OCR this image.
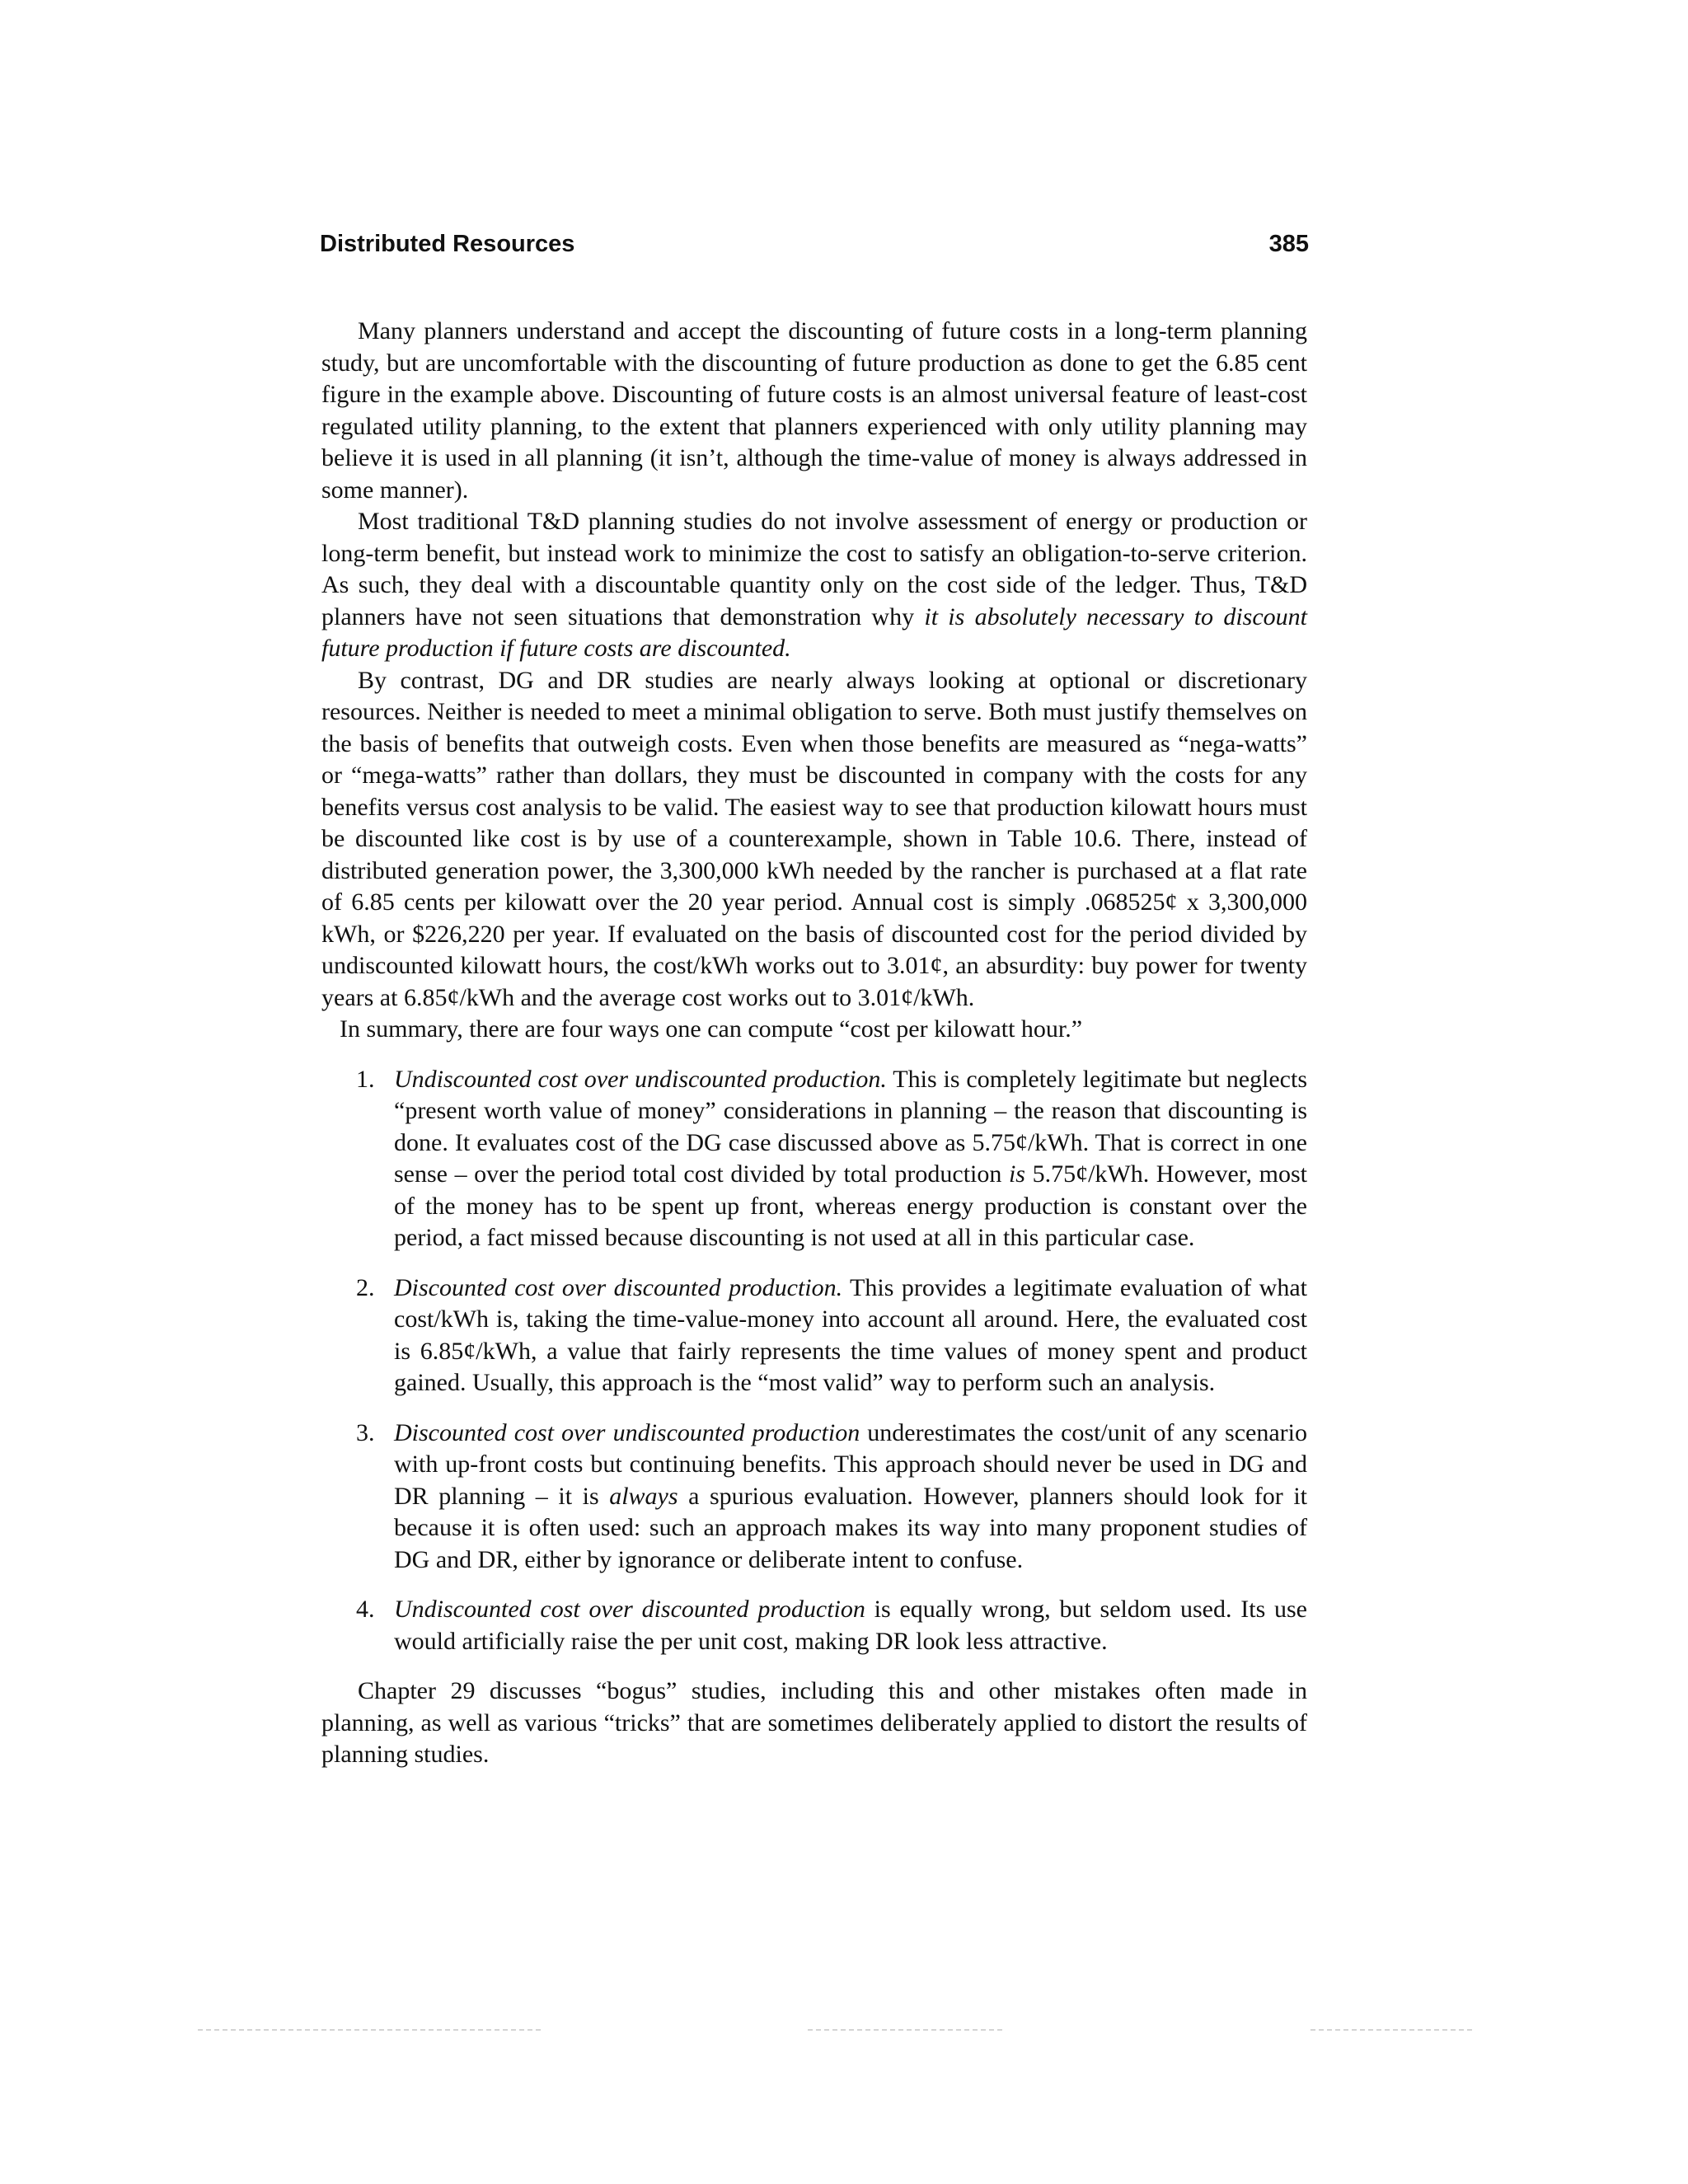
Distributed Resources	385

Many planners understand and accept the discounting of future costs in a long-term planning study, but are uncomfortable with the discounting of future production as done to get the 6.85 cent figure in the example above. Discounting of future costs is an almost universal feature of least-cost regulated utility planning, to the extent that planners experienced with only utility planning may believe it is used in all planning (it isn’t, although the time-value of money is always addressed in some manner).

Most traditional T&D planning studies do not involve assessment of energy or production or long-term benefit, but instead work to minimize the cost to satisfy an obligation-to-serve criterion. As such, they deal with a discountable quantity only on the cost side of the ledger. Thus, T&D planners have not seen situations that demonstration why it is absolutely necessary to discount future production if future costs are discounted.

By contrast, DG and DR studies are nearly always looking at optional or discretionary resources. Neither is needed to meet a minimal obligation to serve. Both must justify themselves on the basis of benefits that outweigh costs. Even when those benefits are measured as “nega-watts” or “mega-watts” rather than dollars, they must be discounted in company with the costs for any benefits versus cost analysis to be valid. The easiest way to see that production kilowatt hours must be discounted like cost is by use of a counterexample, shown in Table 10.6. There, instead of distributed generation power, the 3,300,000 kWh needed by the rancher is purchased at a flat rate of 6.85 cents per kilowatt over the 20 year period. Annual cost is simply .068525¢ x 3,300,000 kWh, or $226,220 per year. If evaluated on the basis of discounted cost for the period divided by undiscounted kilowatt hours, the cost/kWh works out to 3.01¢, an absurdity: buy power for twenty years at 6.85¢/kWh and the average cost works out to 3.01¢/kWh.

In summary, there are four ways one can compute “cost per kilowatt hour.”

1. Undiscounted cost over undiscounted production. This is completely legitimate but neglects “present worth value of money” considerations in planning – the reason that discounting is done. It evaluates cost of the DG case discussed above as 5.75¢/kWh. That is correct in one sense – over the period total cost divided by total production is 5.75¢/kWh. However, most of the money has to be spent up front, whereas energy production is constant over the period, a fact missed because discounting is not used at all in this particular case.
2. Discounted cost over discounted production. This provides a legitimate evaluation of what cost/kWh is, taking the time-value-money into account all around. Here, the evaluated cost is 6.85¢/kWh, a value that fairly represents the time values of money spent and product gained. Usually, this approach is the “most valid” way to perform such an analysis.
3. Discounted cost over undiscounted production underestimates the cost/unit of any scenario with up-front costs but continuing benefits. This approach should never be used in DG and DR planning – it is always a spurious evaluation. However, planners should look for it because it is often used: such an approach makes its way into many proponent studies of DG and DR, either by ignorance or deliberate intent to confuse.
4. Undiscounted cost over discounted production is equally wrong, but seldom used. Its use would artificially raise the per unit cost, making DR look less attractive.

Chapter 29 discusses “bogus” studies, including this and other mistakes often made in planning, as well as various “tricks” that are sometimes deliberately applied to distort the results of planning studies.
